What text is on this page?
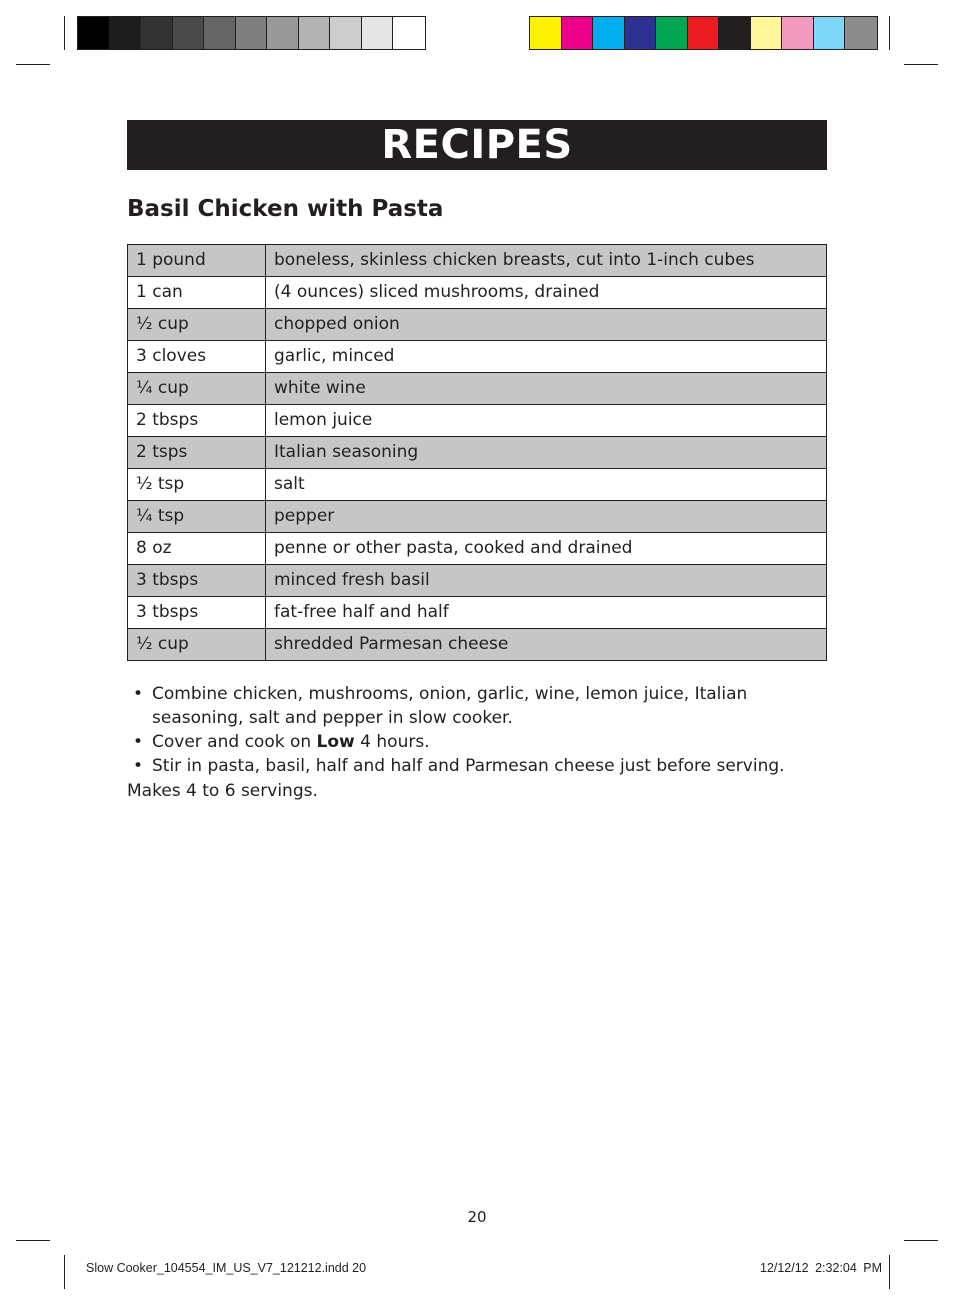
RECIPES
Basil Chicken with Pasta
1 pound	boneless, skinless chicken breasts, cut into 1-inch cubes
1 can	(4 ounces) sliced mushrooms, drained
½ cup	chopped onion
3 cloves	garlic, minced
¼ cup	white wine
2 tbsps	lemon juice
2 tsps	Italian seasoning
½ tsp	salt
¼ tsp	pepper
8 oz	penne or other pasta, cooked and drained
3 tbsps	minced fresh basil
3 tbsps	fat-free half and half
½ cup	shredded Parmesan cheese
• Combine chicken, mushrooms, onion, garlic, wine, lemon juice, Italian seasoning, salt and pepper in slow cooker.
• Cover and cook on Low 4 hours.
• Stir in pasta, basil, half and half and Parmesan cheese just before serving.
Makes 4 to 6 servings.
20
Slow Cooker_104554_IM_US_V7_121212.indd 20	12/12/12 2:32:04 PM
